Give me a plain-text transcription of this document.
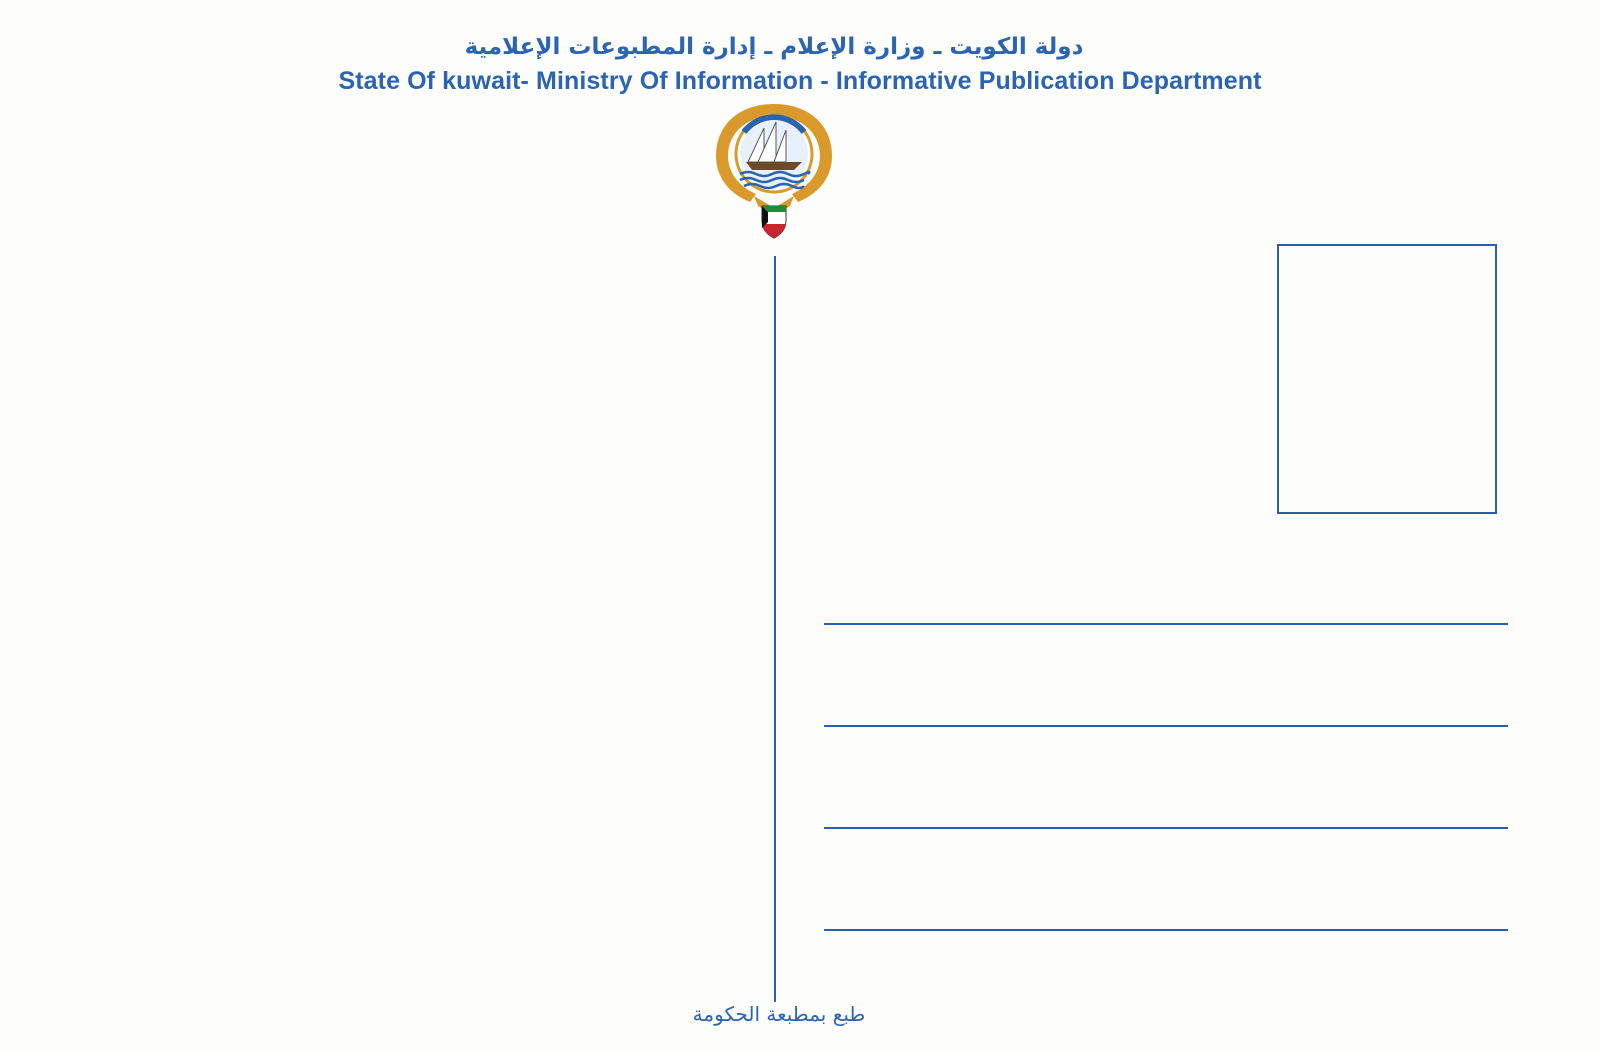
دولة الكويت ـ وزارة الإعلام ـ إدارة المطبوعات الإعلامية
State Of kuwait- Ministry Of Information - Informative Publication Department
طبع بمطبعة الحكومة
